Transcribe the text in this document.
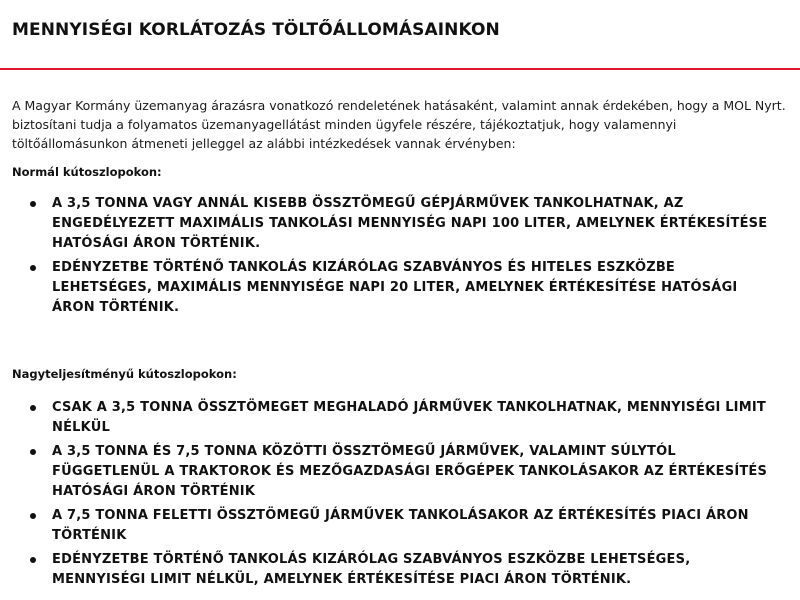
MENNYISÉGI KORLÁTOZÁS TÖLTŐÁLLOMÁSAINKON

A Magyar Kormány üzemanyag árazásra vonatkozó rendeletének hatásaként, valamint annak érdekében, hogy a MOL Nyrt. biztosítani tudja a folyamatos üzemanyagellátást minden ügyfele részére, tájékoztatjuk, hogy valamennyi töltőállomásunkon átmeneti jelleggel az alábbi intézkedések vannak érvényben:

Normál kútoszlopokon:

A 3,5 TONNA VAGY ANNÁL KISEBB ÖSSZTÖMEGŰ GÉPJÁRMŰVEK TANKOLHATNAK, AZ ENGEDÉLYEZETT MAXIMÁLIS TANKOLÁSI MENNYISÉG NAPI 100 LITER, AMELYNEK ÉRTÉKESÍTÉSE HATÓSÁGI ÁRON TÖRTÉNIK.
EDÉNYZETBE TÖRTÉNŐ TANKOLÁS KIZÁRÓLAG SZABVÁNYOS ÉS HITELES ESZKÖZBE LEHETSÉGES, MAXIMÁLIS MENNYISÉGE NAPI 20 LITER, AMELYNEK ÉRTÉKESÍTÉSE HATÓSÁGI ÁRON TÖRTÉNIK.

Nagyteljesítményű kútoszlopokon:

CSAK A 3,5 TONNA ÖSSZTÖMEGET MEGHALADÓ JÁRMŰVEK TANKOLHATNAK, MENNYISÉGI LIMIT NÉLKÜL
A 3,5 TONNA ÉS 7,5 TONNA KÖZÖTTI ÖSSZTÖMEGŰ JÁRMŰVEK, VALAMINT SÚLYTÓL FÜGGETLENÜL A TRAKTOROK ÉS MEZŐGAZDASÁGI ERŐGÉPEK TANKOLÁSAKOR AZ ÉRTÉKESÍTÉS HATÓSÁGI ÁRON TÖRTÉNIK
A 7,5 TONNA FELETTI ÖSSZTÖMEGŰ JÁRMŰVEK TANKOLÁSAKOR AZ ÉRTÉKESÍTÉS PIACI ÁRON TÖRTÉNIK
EDÉNYZETBE TÖRTÉNŐ TANKOLÁS KIZÁRÓLAG SZABVÁNYOS ESZKÖZBE LEHETSÉGES, MENNYISÉGI LIMIT NÉLKÜL, AMELYNEK ÉRTÉKESÍTÉSE PIACI ÁRON TÖRTÉNIK.
